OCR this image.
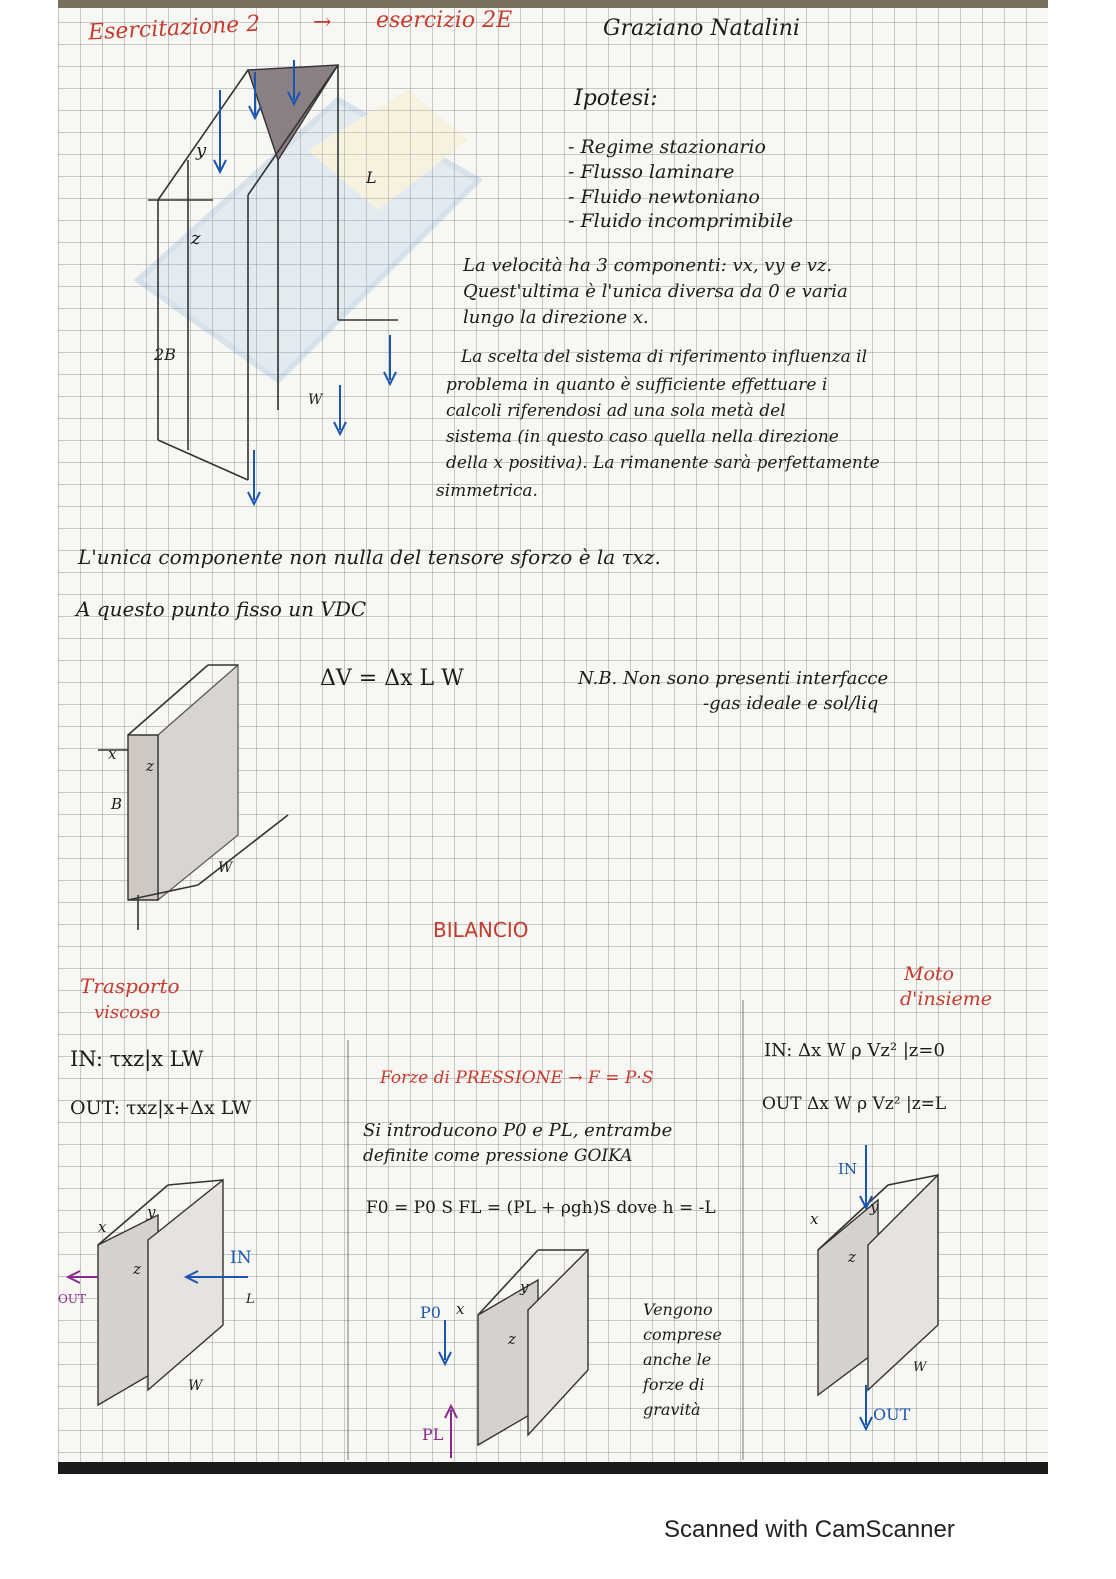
Esercitazione 2 → esercizio 2E	Graziano Natalini
y
z
L
2B
W
Ipotesi:
- Regime stazionario
- Flusso laminare
- Fluido newtoniano
- Fluido incomprimibile
La velocità ha 3 componenti: vx, vy e vz.
Quest'ultima è l'unica diversa da 0 e varia
lungo la direzione x.
La scelta del sistema di riferimento influenza il
problema in quanto è sufficiente effettuare i
calcoli riferendosi ad una sola metà del
sistema (in questo caso quella nella direzione
della x positiva). La rimanente sarà perfettamente
simmetrica.
L'unica componente non nulla del tensore sforzo è la τxz.
A questo punto fisso un VDC
x
z
B
W
ΔV = Δx L W	N.B. Non sono presenti interfacce
-gas ideale e sol/liq
BILANCIO
Trasporto
viscoso
IN: τxz|x LW
OUT: τxz|x+Δx LW
IN
OUT
x
y
z
L
W
Forze di PRESSIONE → F = P·S
Si introducono P0 e PL, entrambe
definite come pressione GOIKA
F0 = P0 S FL = (PL + ρgh)S dove h = -L
P0
PL
x
y
z
Vengono
comprese
anche le
forze di
gravità
Moto
d'insieme
IN: Δx W ρ Vz² |z=0
OUT Δx W ρ Vz² |z=L
IN
OUT
x
y
z
W
Scanned with CamScanner
